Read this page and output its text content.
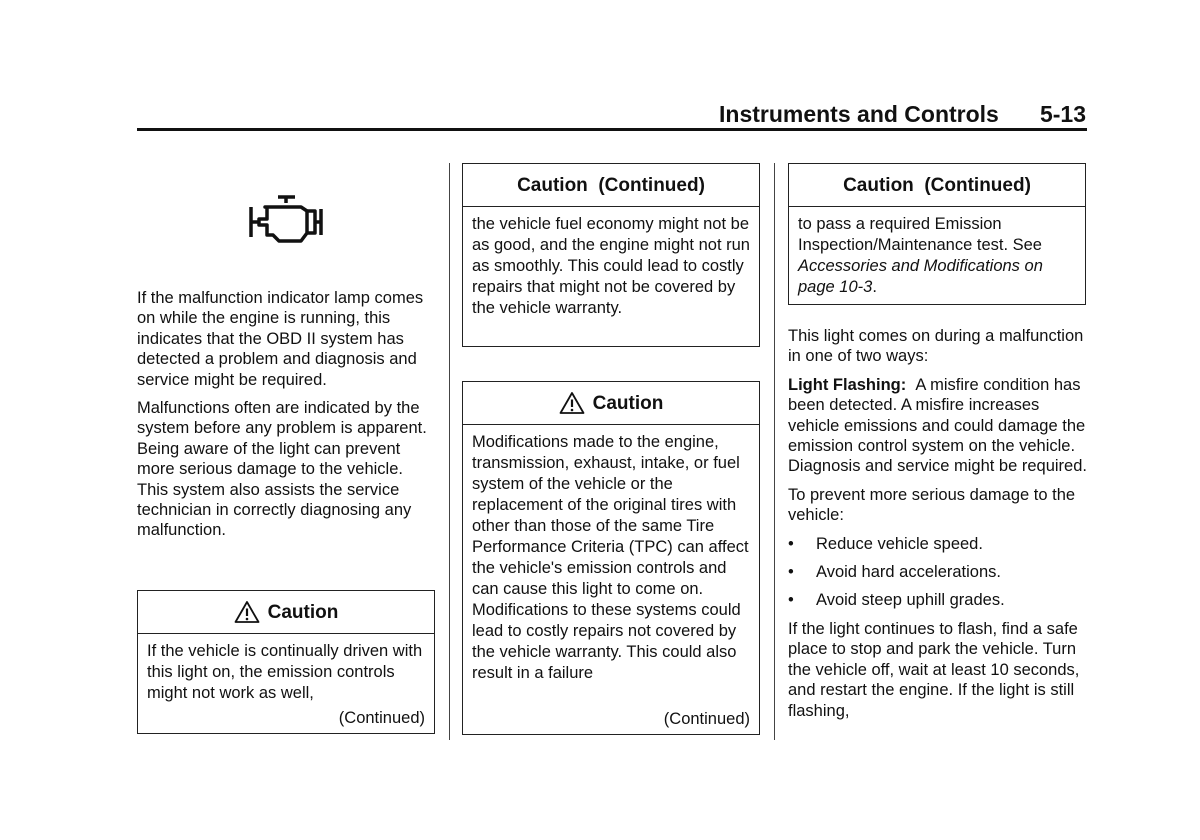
Instruments and Controls 5-13

If the malfunction indicator lamp comes on while the engine is running, this indicates that the OBD II system has detected a problem and diagnosis and service might be required.

Malfunctions often are indicated by the system before any problem is apparent. Being aware of the light can prevent more serious damage to the vehicle. This system also assists the service technician in correctly diagnosing any malfunction.

Caution

If the vehicle is continually driven with this light on, the emission controls might not work as well,

(Continued)
Caution  (Continued)

the vehicle fuel economy might not be as good, and the engine might not run as smoothly. This could lead to costly repairs that might not be covered by the vehicle warranty.

Caution

Modifications made to the engine, transmission, exhaust, intake, or fuel system of the vehicle or the replacement of the original tires with other than those of the same Tire Performance Criteria (TPC) can affect the vehicle's emission controls and can cause this light to come on. Modifications to these systems could lead to costly repairs not covered by the vehicle warranty. This could also result in a failure

(Continued)
Caution  (Continued)

to pass a required Emission Inspection/Maintenance test. See Accessories and Modifications on page 10-3.

This light comes on during a malfunction in one of two ways:

Light Flashing: A misfire condition has been detected. A misfire increases vehicle emissions and could damage the emission control system on the vehicle. Diagnosis and service might be required.

To prevent more serious damage to the vehicle:

•	Reduce vehicle speed.
•	Avoid hard accelerations.
•	Avoid steep uphill grades.

If the light continues to flash, find a safe place to stop and park the vehicle. Turn the vehicle off, wait at least 10 seconds, and restart the engine. If the light is still flashing,
